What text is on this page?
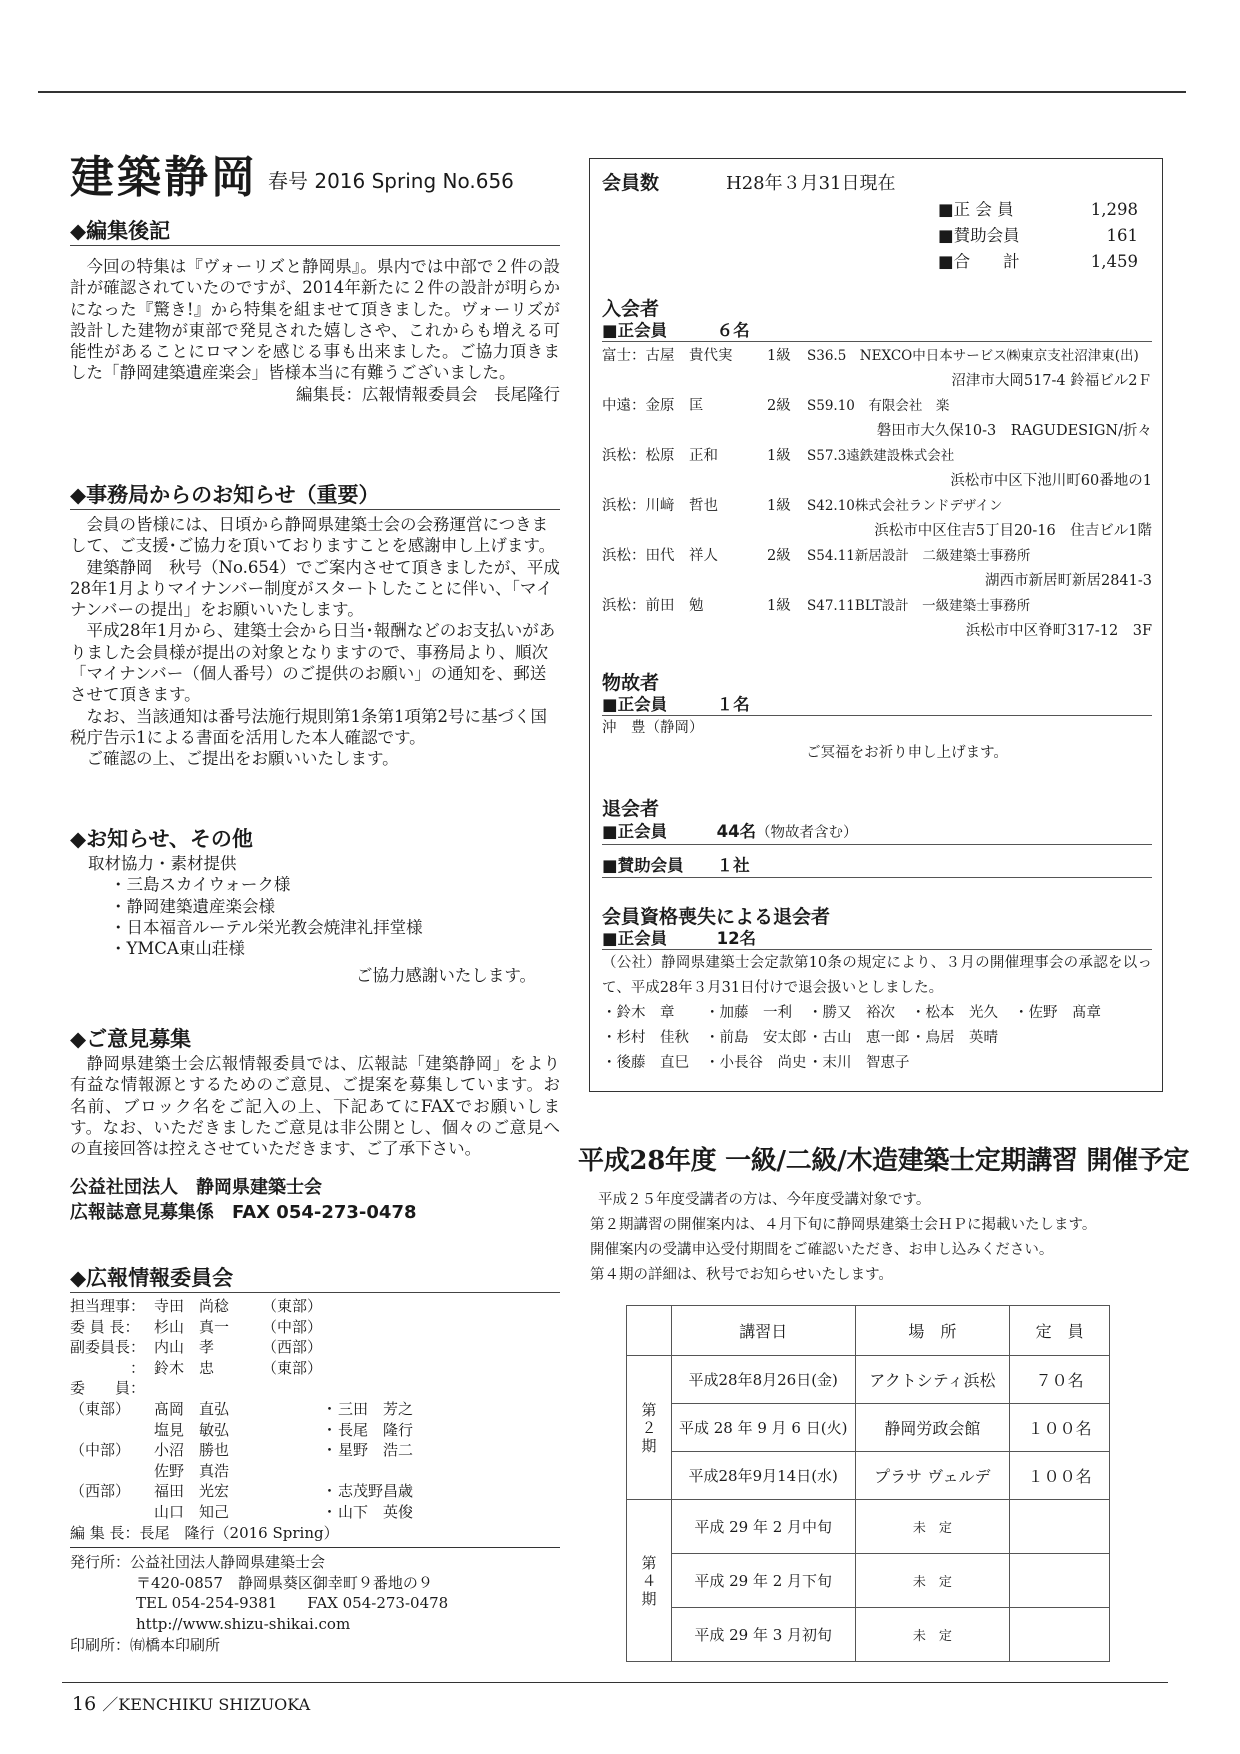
建築静岡 春号 2016 Spring No.656
◆編集後記
今回の特集は『ヴォーリズと静岡県』。県内では中部で２件の設計が確認されていたのですが、2014年新たに２件の設計が明らかになった『驚き!』から特集を組ませて頂きました。ヴォーリズが設計した建物が東部で発見された嬉しさや、これからも増える可能性があることにロマンを感じる事も出来ました。ご協力頂きました「静岡建築遺産楽会」皆様本当に有難うございました。
編集長：広報情報委員会　長尾隆行
◆事務局からのお知らせ（重要）
会員の皆様には、日頃から静岡県建築士会の会務運営につきまして、ご支援･ご協力を頂いておりますことを感謝申し上げます。
建築静岡　秋号（No.654）でご案内させて頂きましたが、平成28年1月よりマイナンバー制度がスタートしたことに伴い、「マイナンバーの提出」をお願いいたします。
平成28年1月から、建築士会から日当･報酬などのお支払いがありました会員様が提出の対象となりますので、事務局より、順次「マイナンバー（個人番号）のご提供のお願い」の通知を、郵送させて頂きます。
なお、当該通知は番号法施行規則第1条第1項第2号に基づく国税庁告示1による書面を活用した本人確認です。
ご確認の上、ご提出をお願いいたします。
◆お知らせ、その他
取材協力・素材提供
・三島スカイウォーク様
・静岡建築遺産楽会様
・日本福音ルーテル栄光教会焼津礼拝堂様
・YMCA東山荘様
ご協力感謝いたします。
◆ご意見募集
静岡県建築士会広報情報委員では、広報誌「建築静岡」をより有益な情報源とするためのご意見、ご提案を募集しています。お名前、ブロック名をご記入の上、下記あてにFAXでお願いします。なお、いただきましたご意見は非公開とし、個々のご意見への直接回答は控えさせていただきます、ご了承下さい。
公益社団法人　静岡県建築士会
広報誌意見募集係　FAX 054-273-0478
◆広報情報委員会
担当理事：	寺田　尚稔	（東部）		
委 員 長：	杉山　真一	（中部）		
副委員長：	内山　孝	（西部）		
　　　　：	鈴木　忠	（東部）		
委　　員：				
（東部）	髙岡　直弘		・	三田　芳之
	塩見　敏弘		・	長尾　隆行
（中部）	小沼　勝也		・	星野　浩二
	佐野　真浩			
（西部）	福田　光宏		・	志茂野昌歳
	山口　知己		・	山下　英俊
編 集 長：長尾　隆行（2016 Spring）
発行所：公益社団法人静岡県建築士会
〒420-0857　静岡県葵区御幸町９番地の９
TEL 054-254-9381　　FAX 054-273-0478
http://www.shizu-shikai.com
印刷所：㈲橋本印刷所
会員数	H28年３月31日現在
■正 会 員	1,298
■賛助会員	161
■合　　計	1,459
入会者
■正会員　　　６名
富士：古屋　貴代実 1級 S36.5　NEXCO中日本サービス㈱東京支社沼津東(出)
沼津市大岡517-4 鈴福ビル2Ｆ
中遠：金原　匡	2級 S59.10　有限会社　楽
磐田市大久保10-3　RAGUDESIGN/折々
浜松：松原　正和	1級 S57.3遠鉄建設株式会社
浜松市中区下池川町60番地の1
浜松：川﨑　哲也	1級 S42.10株式会社ランドデザイン
浜松市中区住吉5丁目20-16　住吉ビル1階
浜松：田代　祥人	2級 S54.11新居設計　二級建築士事務所
湖西市新居町新居2841-3
浜松：前田　勉	1級 S47.11BLT設計　一級建築士事務所
浜松市中区脊町317-12　3F
物故者
■正会員　　　１名
沖　豊（静岡）
ご冥福をお祈り申し上げます。
退会者
■正会員　　　44名（物故者含む）
■賛助会員　　１社
会員資格喪失による退会者
■正会員　　　12名
（公社）静岡県建築士会定款第10条の規定により、３月の開催理事会の承認を以って、平成28年３月31日付けで退会扱いとしました。
・鈴木　章	・加藤　一利	・勝又　裕次	・松本　光久	・佐野　髙章
・杉村　佳秋	・前島　安太郎	・古山　恵一郎	・鳥居　英晴	
・後藤　直巳	・小長谷　尚史	・末川　智恵子		
平成28年度 一級/二級/木造建築士定期講習 開催予定
平成２５年度受講者の方は、今年度受講対象です。
第２期講習の開催案内は、４月下旬に静岡県建築士会ＨＰに掲載いたします。
開催案内の受講申込受付期間をご確認いただき、お申し込みください。
第４期の詳細は、秋号でお知らせいたします。
	講習日	場　所	定　員
第
２
期	平成28年8月26日(金)	アクトシティ浜松	７０名
	平成 28 年 9 月 6 日(火)	静岡労政会館	１００名
	平成28年9月14日(水)	プラサ ヴェルデ	１００名
第
４
期	平成 29 年 2 月中旬	未　定	
	平成 29 年 2 月下旬	未　定	
	平成 29 年 3 月初旬	未　定	
16 ／KENCHIKU SHIZUOKA
